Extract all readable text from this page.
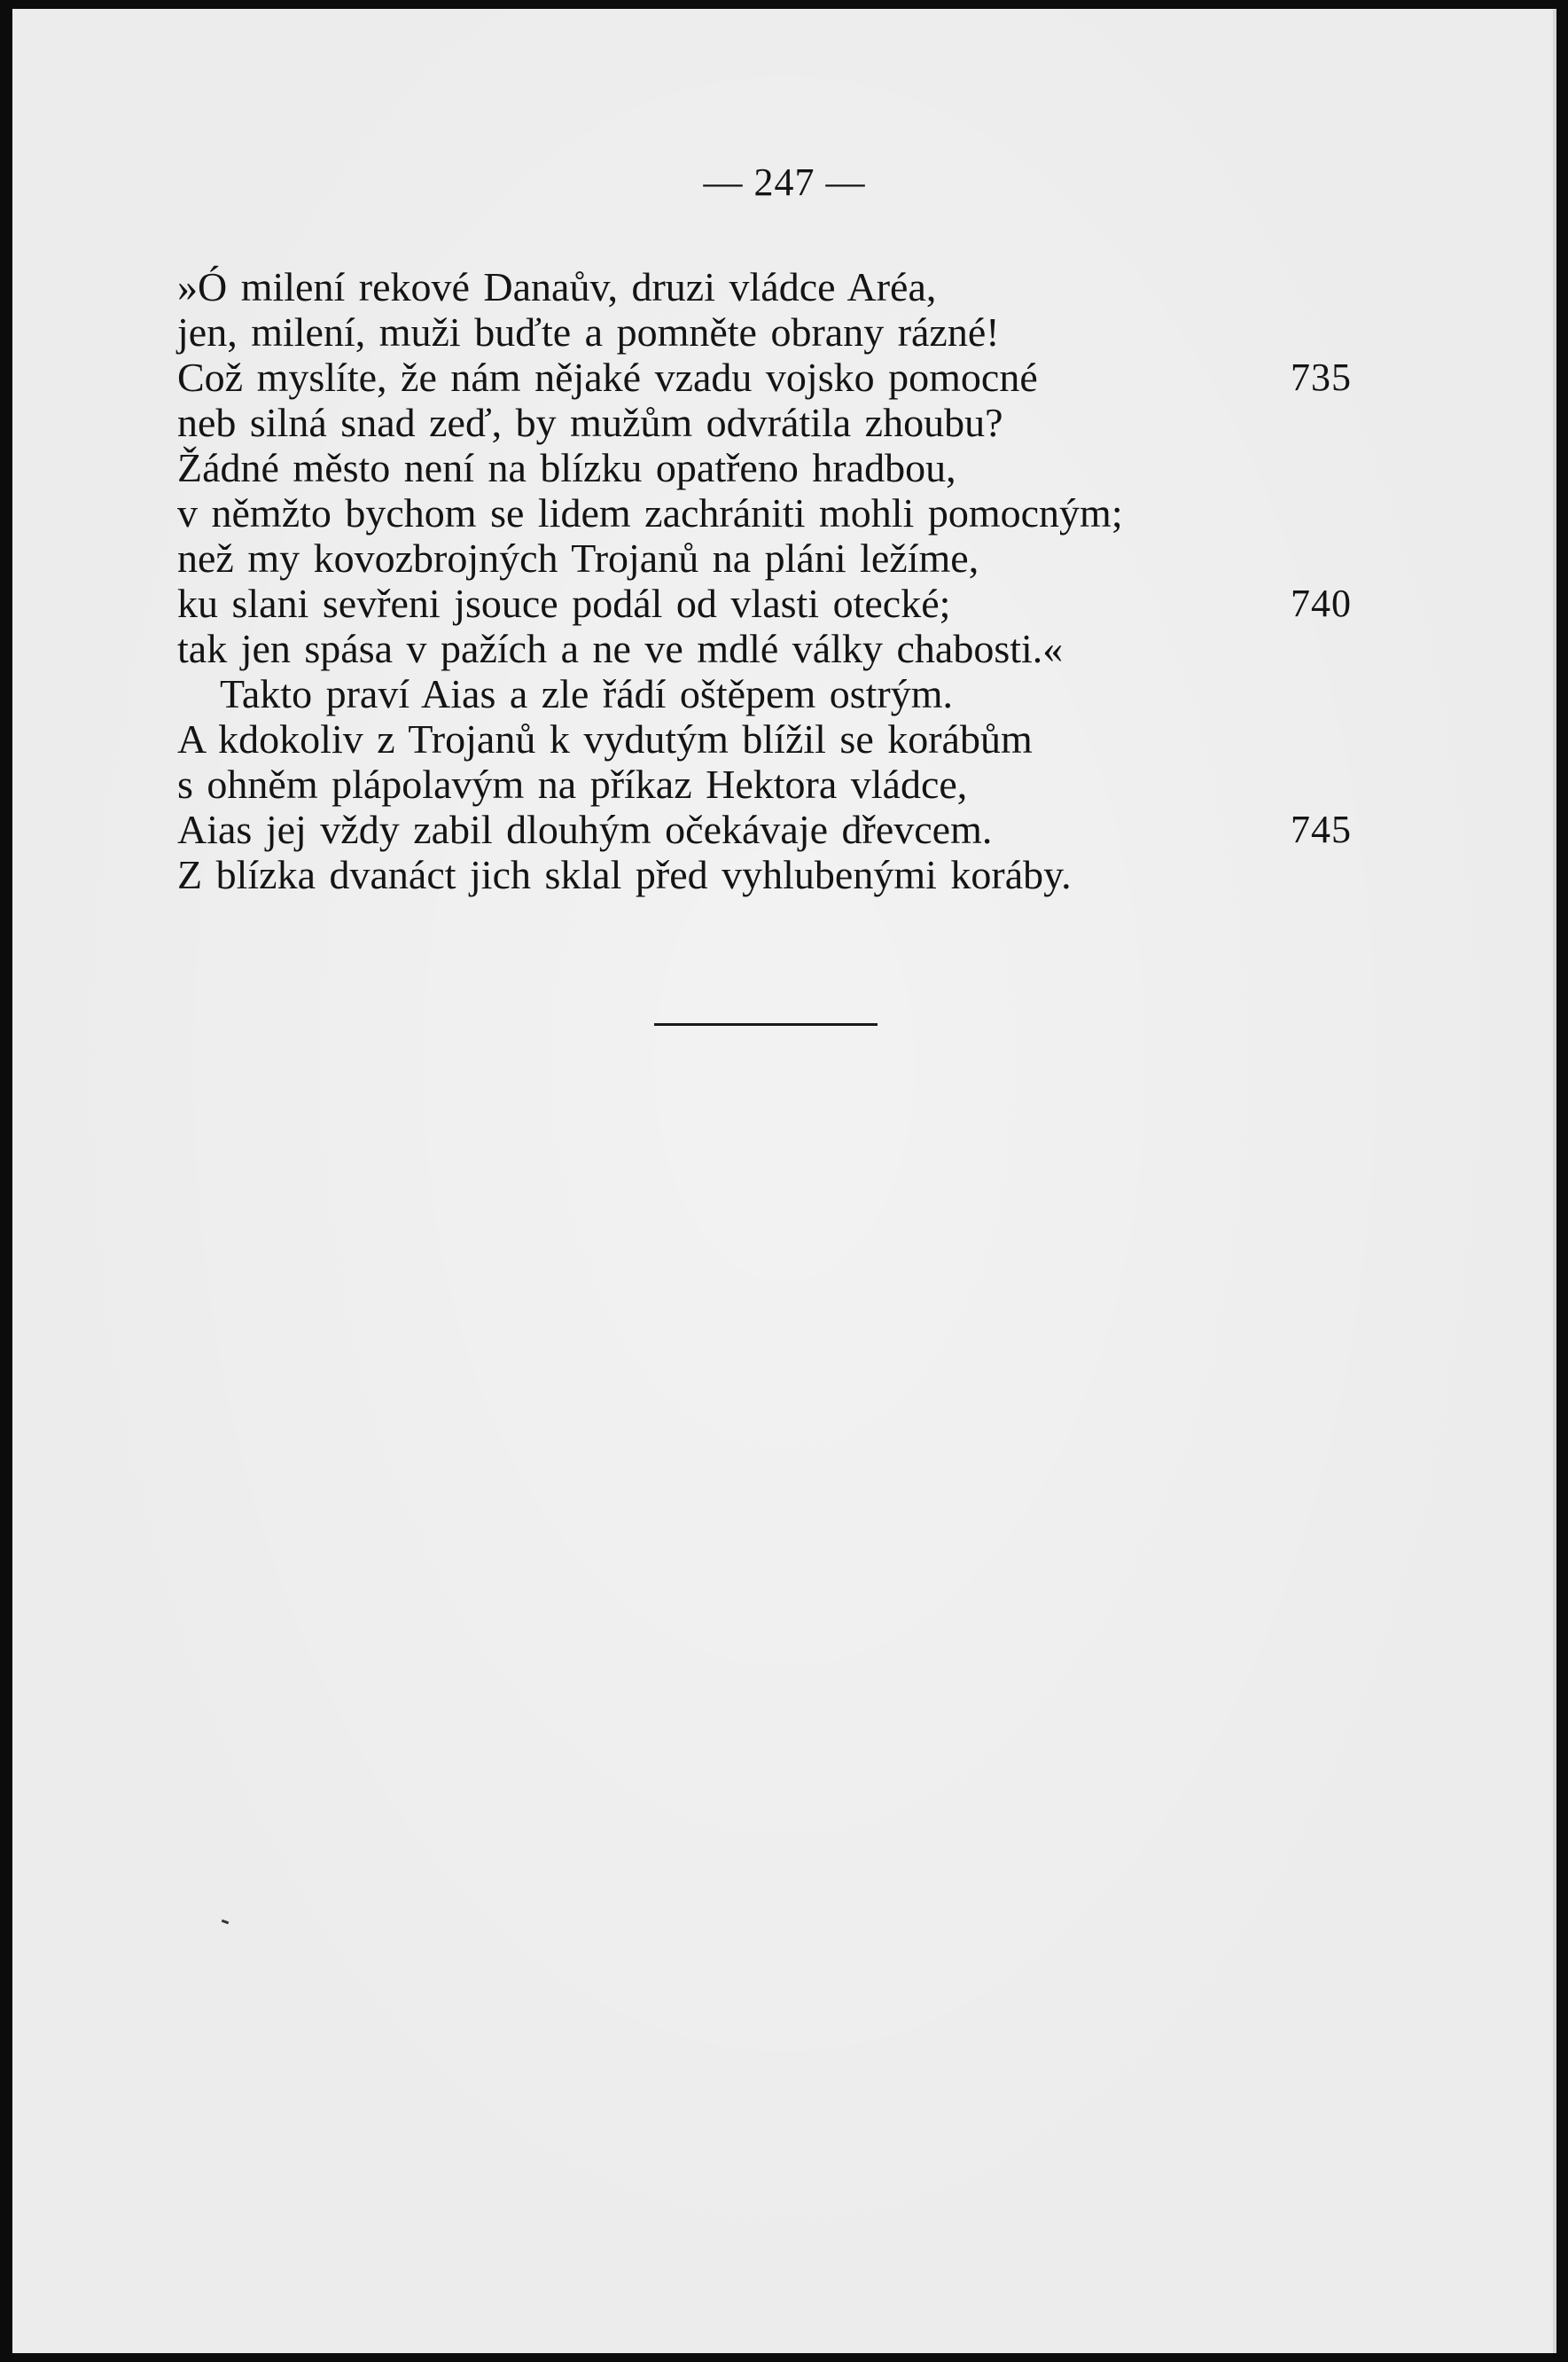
— 247 —
»Ó milení rekové Danaův, druzi vládce Aréa,
jen, milení, muži buďte a pomněte obrany rázné!
Což myslíte, že nám nějaké vzadu vojsko pomocné	735
neb silná snad zeď, by mužům odvrátila zhoubu?
Žádné město není na blízku opatřeno hradbou,
v němžto bychom se lidem zachrániti mohli pomocným;
než my kovozbrojných Trojanů na pláni ležíme,
ku slani sevřeni jsouce podál od vlasti otecké;	740
tak jen spása v pažích a ne ve mdlé války chabosti.«
Takto praví Aias a zle řádí oštěpem ostrým.
A kdokoliv z Trojanů k vydutým blížil se korábům
s ohněm plápolavým na příkaz Hektora vládce,
Aias jej vždy zabil dlouhým očekávaje dřevcem.	745
Z blízka dvanáct jich sklal před vyhlubenými koráby.
